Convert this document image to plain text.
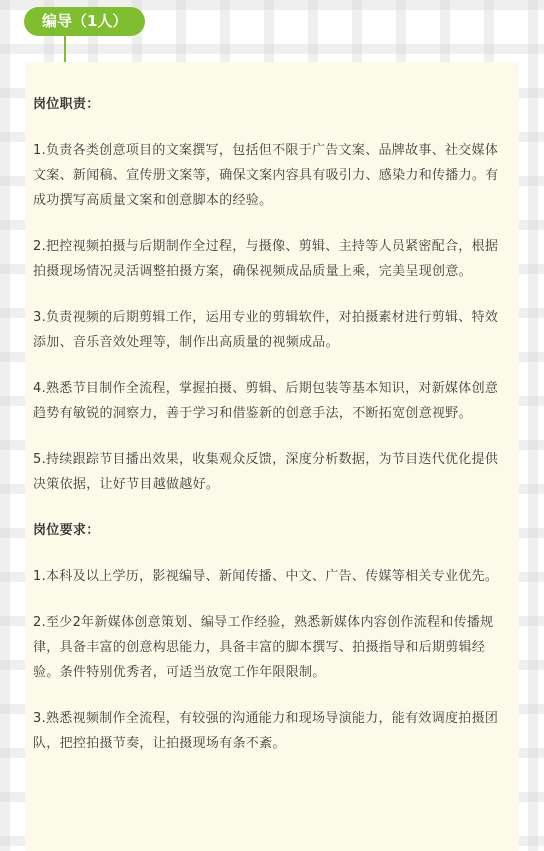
编导（1人）
岗位职责：
1.负责各类创意项目的文案撰写，包括但不限于广告文案、品牌故事、社交媒体文案、新闻稿、宣传册文案等，确保文案内容具有吸引力、感染力和传播力。有成功撰写高质量文案和创意脚本的经验。
2.把控视频拍摄与后期制作全过程，与摄像、剪辑、主持等人员紧密配合，根据拍摄现场情况灵活调整拍摄方案，确保视频成品质量上乘，完美呈现创意。
3.负责视频的后期剪辑工作，运用专业的剪辑软件，对拍摄素材进行剪辑、特效添加、音乐音效处理等，制作出高质量的视频成品。
4.熟悉节目制作全流程，掌握拍摄、剪辑、后期包装等基本知识，对新媒体创意趋势有敏锐的洞察力，善于学习和借鉴新的创意手法，不断拓宽创意视野。
5.持续跟踪节目播出效果，收集观众反馈，深度分析数据，为节目迭代优化提供决策依据，让好节目越做越好。
岗位要求：
1.本科及以上学历，影视编导、新闻传播、中文、广告、传媒等相关专业优先。
2.至少2年新媒体创意策划、编导工作经验，熟悉新媒体内容创作流程和传播规律，具备丰富的创意构思能力，具备丰富的脚本撰写、拍摄指导和后期剪辑经验。条件特别优秀者，可适当放宽工作年限限制。
3.熟悉视频制作全流程，有较强的沟通能力和现场导演能力，能有效调度拍摄团队，把控拍摄节奏，让拍摄现场有条不紊。
